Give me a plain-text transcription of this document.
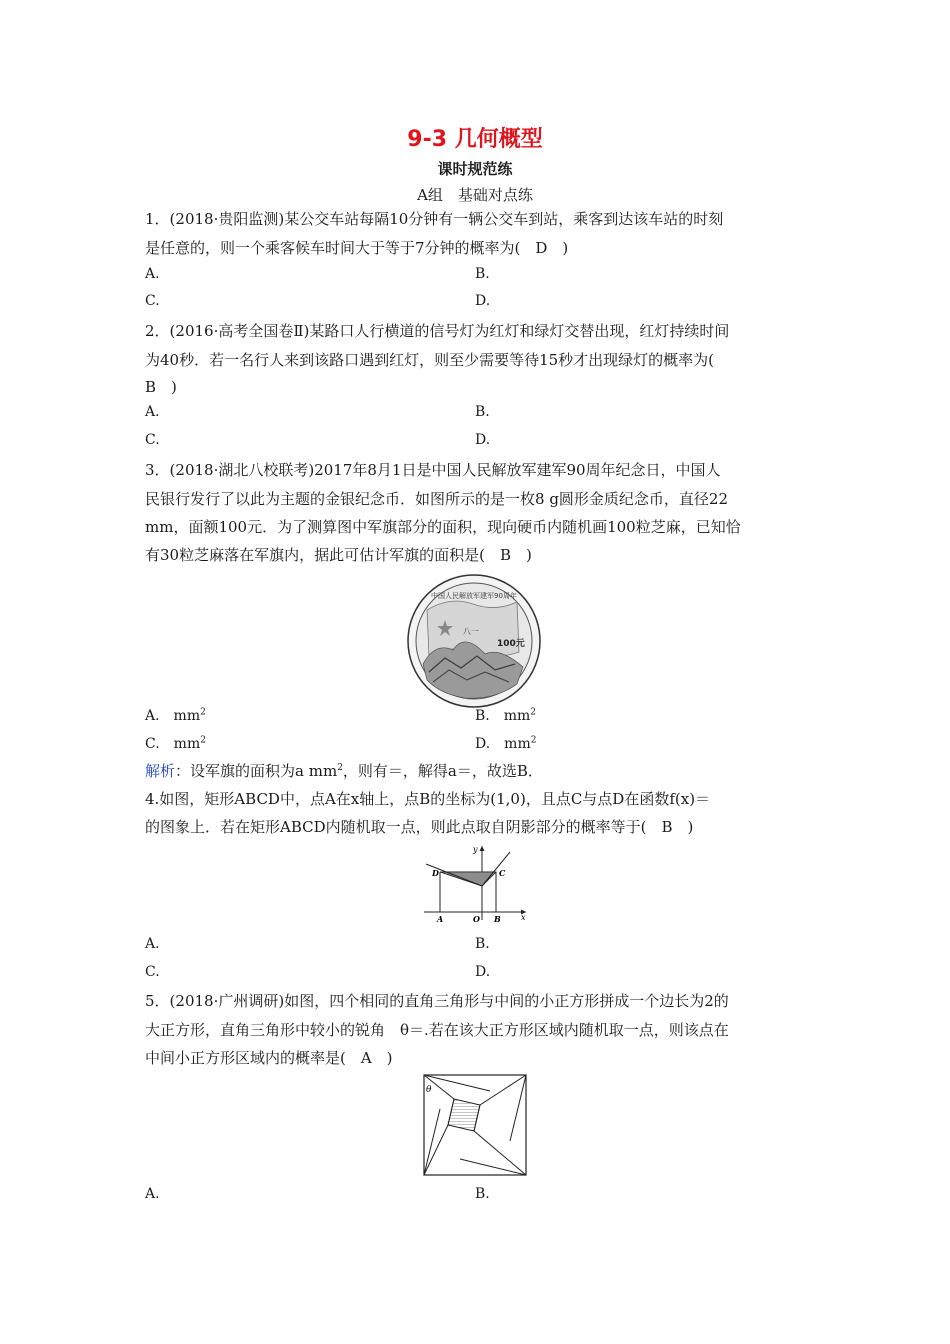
9-3 几何概型
课时规范练
A组　基础对点练
1．(2018·贵阳监测)某公交车站每隔10分钟有一辆公交车到站，乘客到达该车站的时刻
是任意的，则一个乘客候车时间大于等于7分钟的概率为(　D　)
A.	B.
C.	D.
2．(2016·高考全国卷Ⅱ)某路口人行横道的信号灯为红灯和绿灯交替出现，红灯持续时间
为40秒．若一名行人来到该路口遇到红灯，则至少需要等待15秒才出现绿灯的概率为(
B　)
A.	B.
C.	D.
3．(2018·湖北八校联考)2017年8月1日是中国人民解放军建军90周年纪念日，中国人
民银行发行了以此为主题的金银纪念币．如图所示的是一枚8 g圆形金质纪念币，直径22
mm，面额100元．为了测算图中军旗部分的面积，现向硬币内随机画100粒芝麻，已知恰
有30粒芝麻落在军旗内，据此可估计军旗的面积是(　B　)
中国人民解放军建军90周年
八一
100元
A.　$mm^2$	B.　$mm^2$
C.　$mm^2$	D.　$mm^2$
解析：设军旗的面积为a $mm^2$，则有＝，解得a＝，故选B．
4.如图，矩形ABCD中，点A在x轴上，点B的坐标为(1,0)，且点C与点D在函数f(x)＝
的图象上．若在矩形ABCD内随机取一点，则此点取自阴影部分的概率等于(　B　)
y
x
D	C
A	O B
A.	B.
C.	D.
5．(2018·广州调研)如图，四个相同的直角三角形与中间的小正方形拼成一个边长为2的
大正方形，直角三角形中较小的锐角　θ＝.若在该大正方形区域内随机取一点，则该点在
中间小正方形区域内的概率是(　A　)
θ
A.	B.
